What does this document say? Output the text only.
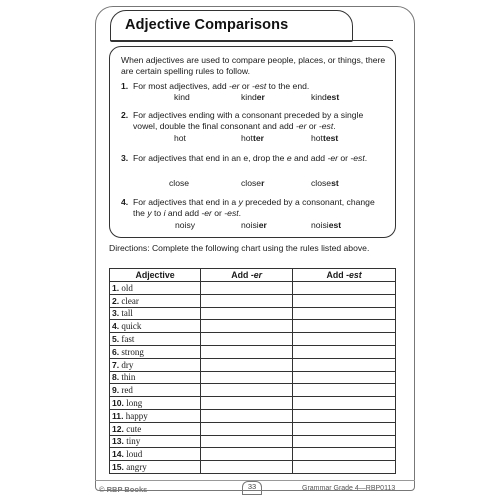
Adjective Comparisons

When adjectives are used to compare people, places, or things, there are certain spelling rules to follow.

1. For most adjectives, add -er or -est to the end.

kind	kinder	kindest

2. For adjectives ending with a consonant preceded by a single vowel, double the final consonant and add -er or -est.

hot	hotter	hottest

3. For adjectives that end in an e, drop the e and add -er or -est.

close	closer	closest

4. For adjectives that end in a y preceded by a consonant, change the y to i and add -er or -est.

noisy	noisier	noisiest
Directions: Complete the following chart using the rules listed above.
Adjective	Add -er	Add -est
1. old		
2. clear		
3. tall		
4. quick		
5. fast		
6. strong		
7. dry		
8. thin		
9. red		
10. long		
11. happy		
12. cute		
13. tiny		
14. loud		
15. angry		
© RBP Books	33	Grammar Grade 4—RBP0113
